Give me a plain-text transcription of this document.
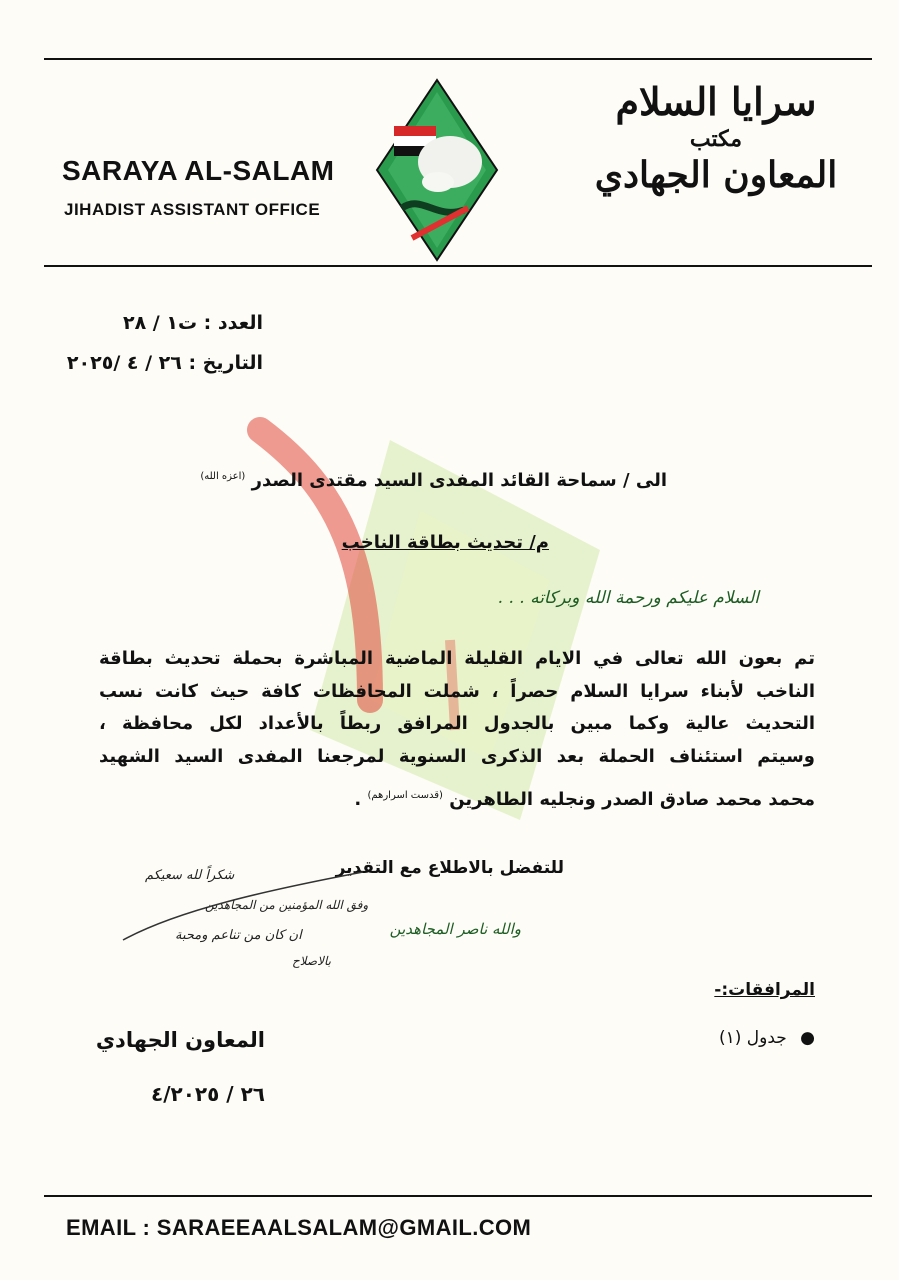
SARAYA AL-SALAM
JIHADIST ASSISTANT OFFICE
سرايا السلام
مكتب
المعاون الجهادي
العدد : ت١ / ٢٨
التاريخ : ٢٦ / ٤ /٢٠٢٥
الى / سماحة القائد المفدى السيد مقتدى الصدر $^{(اعزه الله)}$
م/ تحديث بطاقة الناخب
السلام عليكم ورحمة الله وبركاته . . .
تم بعون الله تعالى في الايام القليلة الماضية المباشرة بحملة تحديث بطاقة
الناخب لأبناء سرايا السلام حصراً ، شملت المحافظات كافة حيث كانت نسب
التحديث عالية وكما مبين بالجدول المرافق ربطاً بالأعداد لكل محافظة ،
وسيتم استئناف الحملة بعد الذكرى السنوية لمرجعنا المفدى السيد الشهيد
محمد محمد صادق الصدر ونجليه الطاهرين $^{(قدست اسرارهم)}$ .
للتفضل بالاطلاع مع التقدير
والله ناصر المجاهدين
شكراً لله سعيكم
وفق الله المؤمنين من المجاهدين
ان كان من تناعم ومحبة
بالاصلاح
المرافقات:-
● جدول (١)
المعاون الجهادي
٢٦ / ٤/٢٠٢٥
EMAIL : SARAEEAALSALAM@GMAIL.COM
